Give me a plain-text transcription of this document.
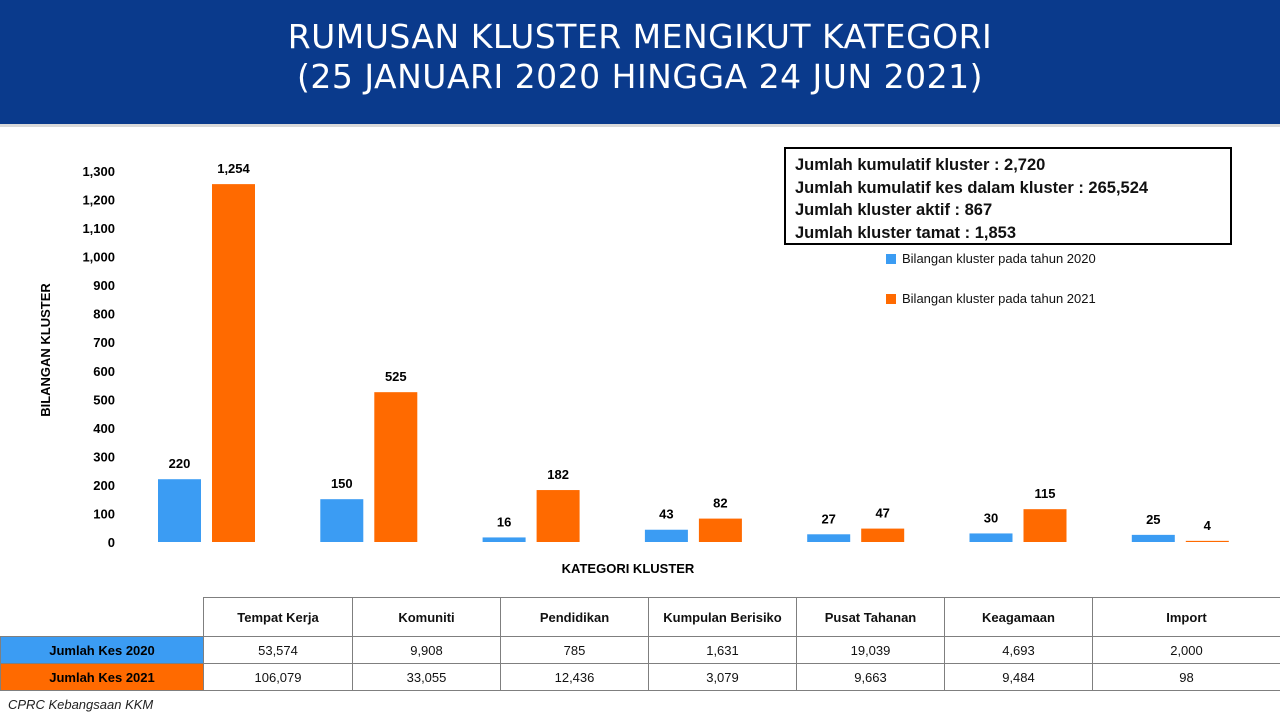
RUMUSAN KLUSTER MENGIKUT KATEGORI
(25 JANUARI 2020 HINGGA 24 JUN 2021)
0
100
200
300
400
500
600
700
800
900
1,000
1,100
1,200
1,300
220
1,254
150
525
16
182
43
82
27	47	30
115
25	4
BILANGAN KLUSTER
KATEGORI KLUSTER
Jumlah kumulatif kluster : 2,720
Jumlah kumulatif kes dalam kluster : 265,524
Jumlah kluster aktif : 867
Jumlah kluster tamat : 1,853
Bilangan kluster pada tahun 2020
Bilangan kluster pada tahun 2021
	Tempat Kerja	Komuniti	Pendidikan	Kumpulan Berisiko	Pusat Tahanan	Keagamaan	Import
Jumlah Kes 2020	53,574	9,908	785	1,631	19,039	4,693	2,000
Jumlah Kes 2021	106,079	33,055	12,436	3,079	9,663	9,484	98
CPRC Kebangsaan KKM
